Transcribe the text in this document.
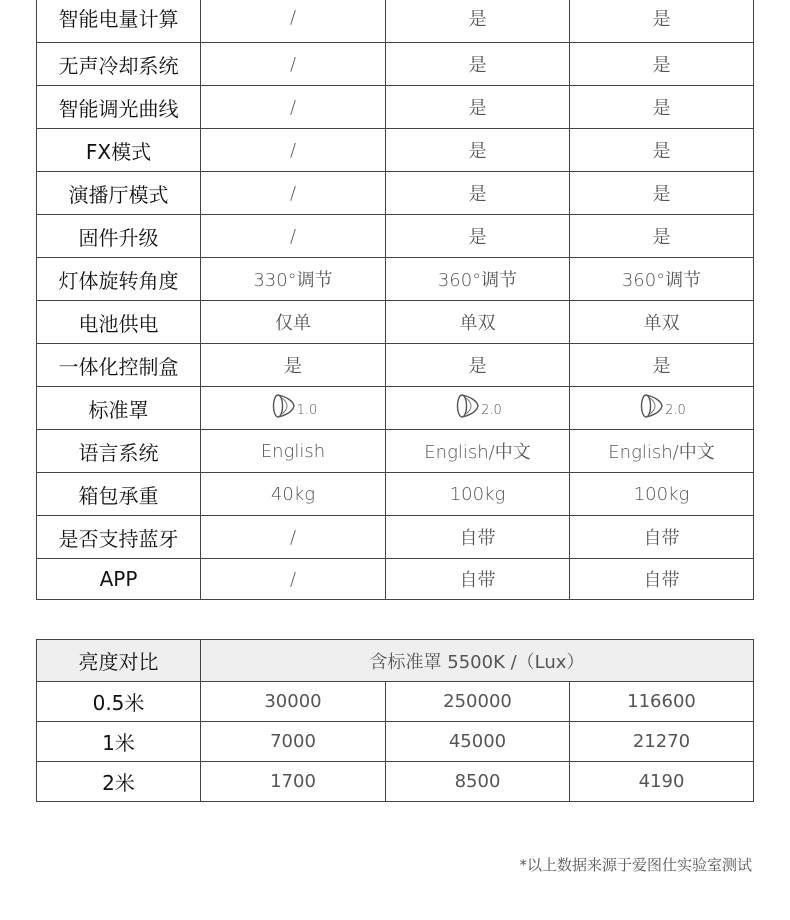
智能电量计算	/	是	是
无声冷却系统	/	是	是
智能调光曲线	/	是	是
FX模式	/	是	是
演播厅模式	/	是	是
固件升级	/	是	是
灯体旋转角度	330°调节	360°调节	360°调节
电池供电	仅单	单双	单双
一体化控制盒	是	是	是
标准罩	1.0	2.0	2.0

语言系统	English	English/中文	English/中文
箱包承重	40kg	100kg	100kg
是否支持蓝牙	/	自带	自带
APP	/	自带	自带
亮度对比	含标准罩 5500K /（Lux）		
0.5米	30000	250000	116600
1米	7000	45000	21270
2米	1700	8500	4190
*以上数据来源于爱图仕实验室测试
